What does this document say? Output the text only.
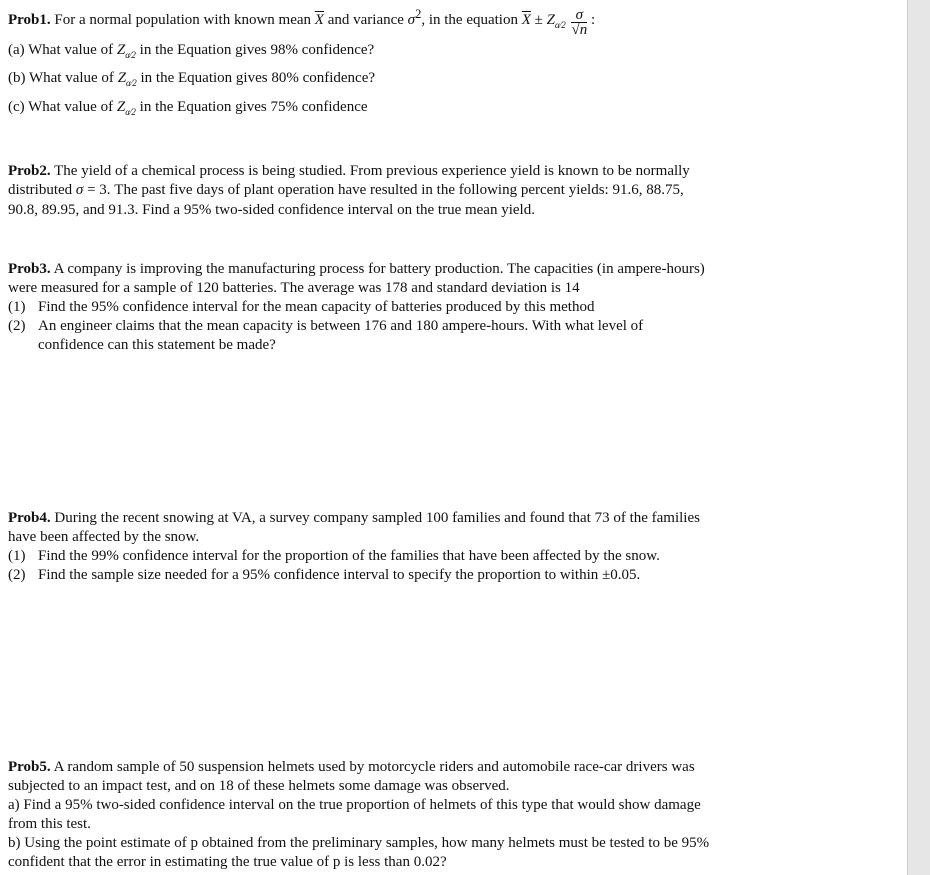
Prob1. For a normal population with known mean $\overline{X}$ and variance $\sigma^2$, in the equation $\overline{X} \pm Z_{\alpha⁄2} \frac{\sigma}{√n}$ :
(a) What value of $Z_{\alpha⁄2}$ in the Equation gives 98% confidence?
(b) What value of $Z_{\alpha⁄2}$ in the Equation gives 80% confidence?
(c) What value of $Z_{\alpha⁄2}$ in the Equation gives 75% confidence
Prob2. The yield of a chemical process is being studied. From previous experience yield is known to be normally
distributed σ = 3. The past five days of plant operation have resulted in the following percent yields: 91.6, 88.75,
90.8, 89.95, and 91.3. Find a 95% two-sided confidence interval on the true mean yield.
Prob3. A company is improving the manufacturing process for battery production. The capacities (in ampere-hours)
were measured for a sample of 120 batteries. The average was 178 and standard deviation is 14
(1) Find the 95% confidence interval for the mean capacity of batteries produced by this method
(2) An engineer claims that the mean capacity is between 176 and 180 ampere-hours. With what level of
confidence can this statement be made?
Prob4. During the recent snowing at VA, a survey company sampled 100 families and found that 73 of the families
have been affected by the snow.
(1) Find the 99% confidence interval for the proportion of the families that have been affected by the snow.
(2) Find the sample size needed for a 95% confidence interval to specify the proportion to within ±0.05.
Prob5. A random sample of 50 suspension helmets used by motorcycle riders and automobile race-car drivers was
subjected to an impact test, and on 18 of these helmets some damage was observed.
a) Find a 95% two-sided confidence interval on the true proportion of helmets of this type that would show damage
from this test.
b) Using the point estimate of p obtained from the preliminary samples, how many helmets must be tested to be 95%
confident that the error in estimating the true value of p is less than 0.02?
